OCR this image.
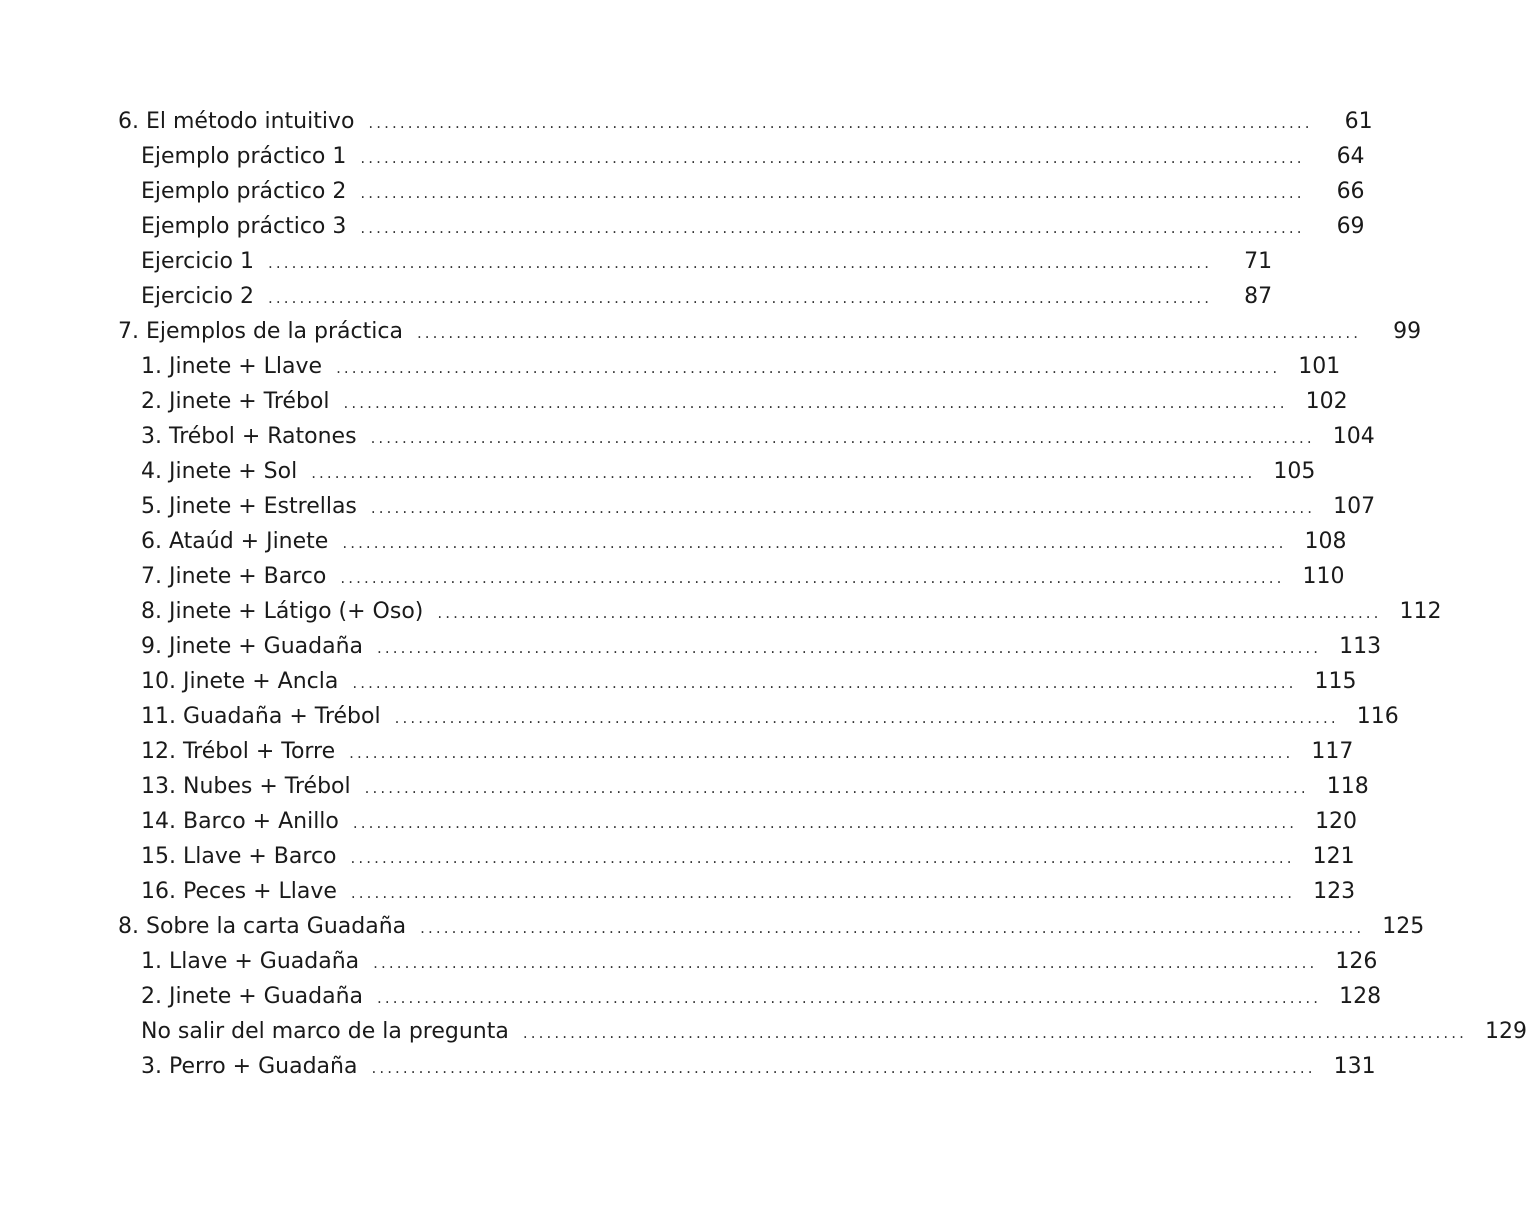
6. El método intuitivo ........................................................................................................................	61
Ejemplo práctico 1 ........................................................................................................................	64
Ejemplo práctico 2 ........................................................................................................................	66
Ejemplo práctico 3 ........................................................................................................................	69
Ejercicio 1 ........................................................................................................................	71
Ejercicio 2 ........................................................................................................................	87
7. Ejemplos de la práctica ........................................................................................................................	99
1. Jinete + Llave ........................................................................................................................ 101
2. Jinete + Trébol ........................................................................................................................ 102
3. Trébol + Ratones ........................................................................................................................ 104
4. Jinete + Sol ........................................................................................................................ 105
5. Jinete + Estrellas ........................................................................................................................ 107
6. Ataúd + Jinete ........................................................................................................................ 108
7. Jinete + Barco ........................................................................................................................ 110
8. Jinete + Látigo (+ Oso) ........................................................................................................................ 112
9. Jinete + Guadaña ........................................................................................................................ 113
10. Jinete + Ancla ........................................................................................................................ 115
11. Guadaña + Trébol ........................................................................................................................ 116
12. Trébol + Torre ........................................................................................................................ 117
13. Nubes + Trébol ........................................................................................................................ 118
14. Barco + Anillo ........................................................................................................................ 120
15. Llave + Barco ........................................................................................................................ 121
16. Peces + Llave ........................................................................................................................ 123
8. Sobre la carta Guadaña ........................................................................................................................ 125
1. Llave + Guadaña ........................................................................................................................ 126
2. Jinete + Guadaña ........................................................................................................................ 128
No salir del marco de la pregunta ........................................................................................................................ 129
3. Perro + Guadaña ........................................................................................................................ 131
